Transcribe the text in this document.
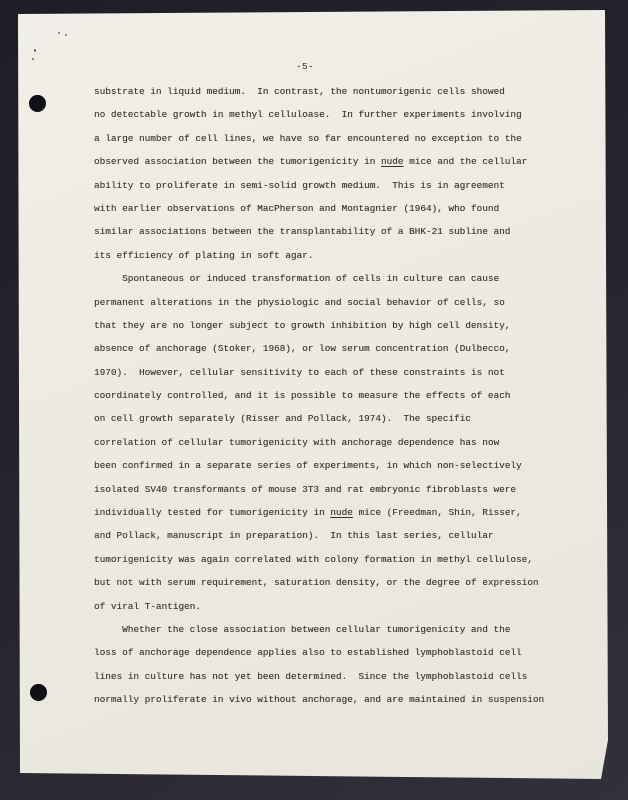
-5-
substrate in liquid medium.  In contrast, the nontumorigenic cells showed
no detectable growth in methyl celluloase.  In further experiments involving
a large number of cell lines, we have so far encountered no exception to the
observed association between the tumorigenicity in nude mice and the cellular
ability to proliferate in semi-solid growth medium.  This is in agreement
with earlier observations of MacPherson and Montagnier (1964), who found
similar associations between the transplantability of a BHK-21 subline and
its efficiency of plating in soft agar.
Spontaneous or induced transformation of cells in culture can cause
permanent alterations in the physiologic and social behavior of cells, so
that they are no longer subject to growth inhibition by high cell density,
absence of anchorage (Stoker, 1968), or low serum concentration (Dulbecco,
1970).  However, cellular sensitivity to each of these constraints is not
coordinately controlled, and it is possible to measure the effects of each
on cell growth separately (Risser and Pollack, 1974).  The specific
correlation of cellular tumorigenicity with anchorage dependence has now
been confirmed in a separate series of experiments, in which non-selectively
isolated SV40 transformants of mouse 3T3 and rat embryonic fibroblasts were
individually tested for tumorigenicity in nude mice (Freedman, Shin, Risser,
and Pollack, manuscript in preparation).  In this last series, cellular
tumorigenicity was again correlated with colony formation in methyl cellulose,
but not with serum requirement, saturation density, or the degree of expression
of viral T-antigen.
Whether the close association between cellular tumorigenicity and the
loss of anchorage dependence applies also to established lymphoblastoid cell
lines in culture has not yet been determined.  Since the lymphoblastoid cells
normally proliferate in vivo without anchorage, and are maintained in suspension
